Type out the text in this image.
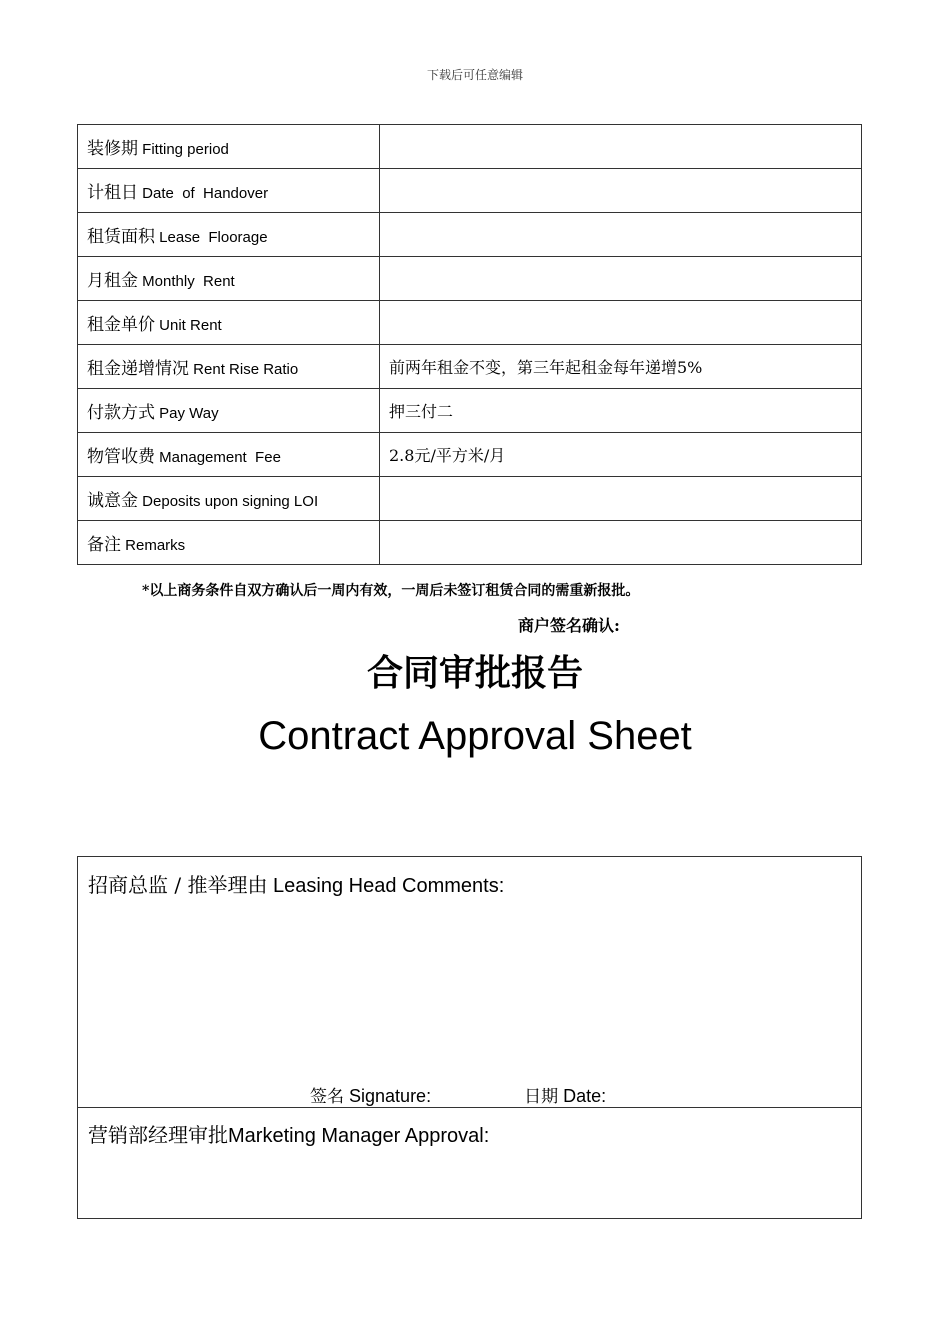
下载后可任意编辑
装修期 Fitting period	
计租日 Date  of  Handover	
租赁面积 Lease  Floorage	
月租金 Monthly  Rent	
租金单价 Unit Rent	
租金递增情况 Rent Rise Ratio	前两年租金不变，第三年起租金每年递增5%
付款方式 Pay Way	押三付二
物管收费 Management  Fee	2.8元/平方米/月
诚意金 Deposits upon signing LOI	
备注 Remarks	
*以上商务条件自双方确认后一周内有效，一周后未签订租赁合同的需重新报批。
商户签名确认:
合同审批报告
Contract Approval Sheet
招商总监 / 推举理由 Leasing Head Comments:
签名 Signature:	日期 Date:
营销部经理审批Marketing Manager Approval:
